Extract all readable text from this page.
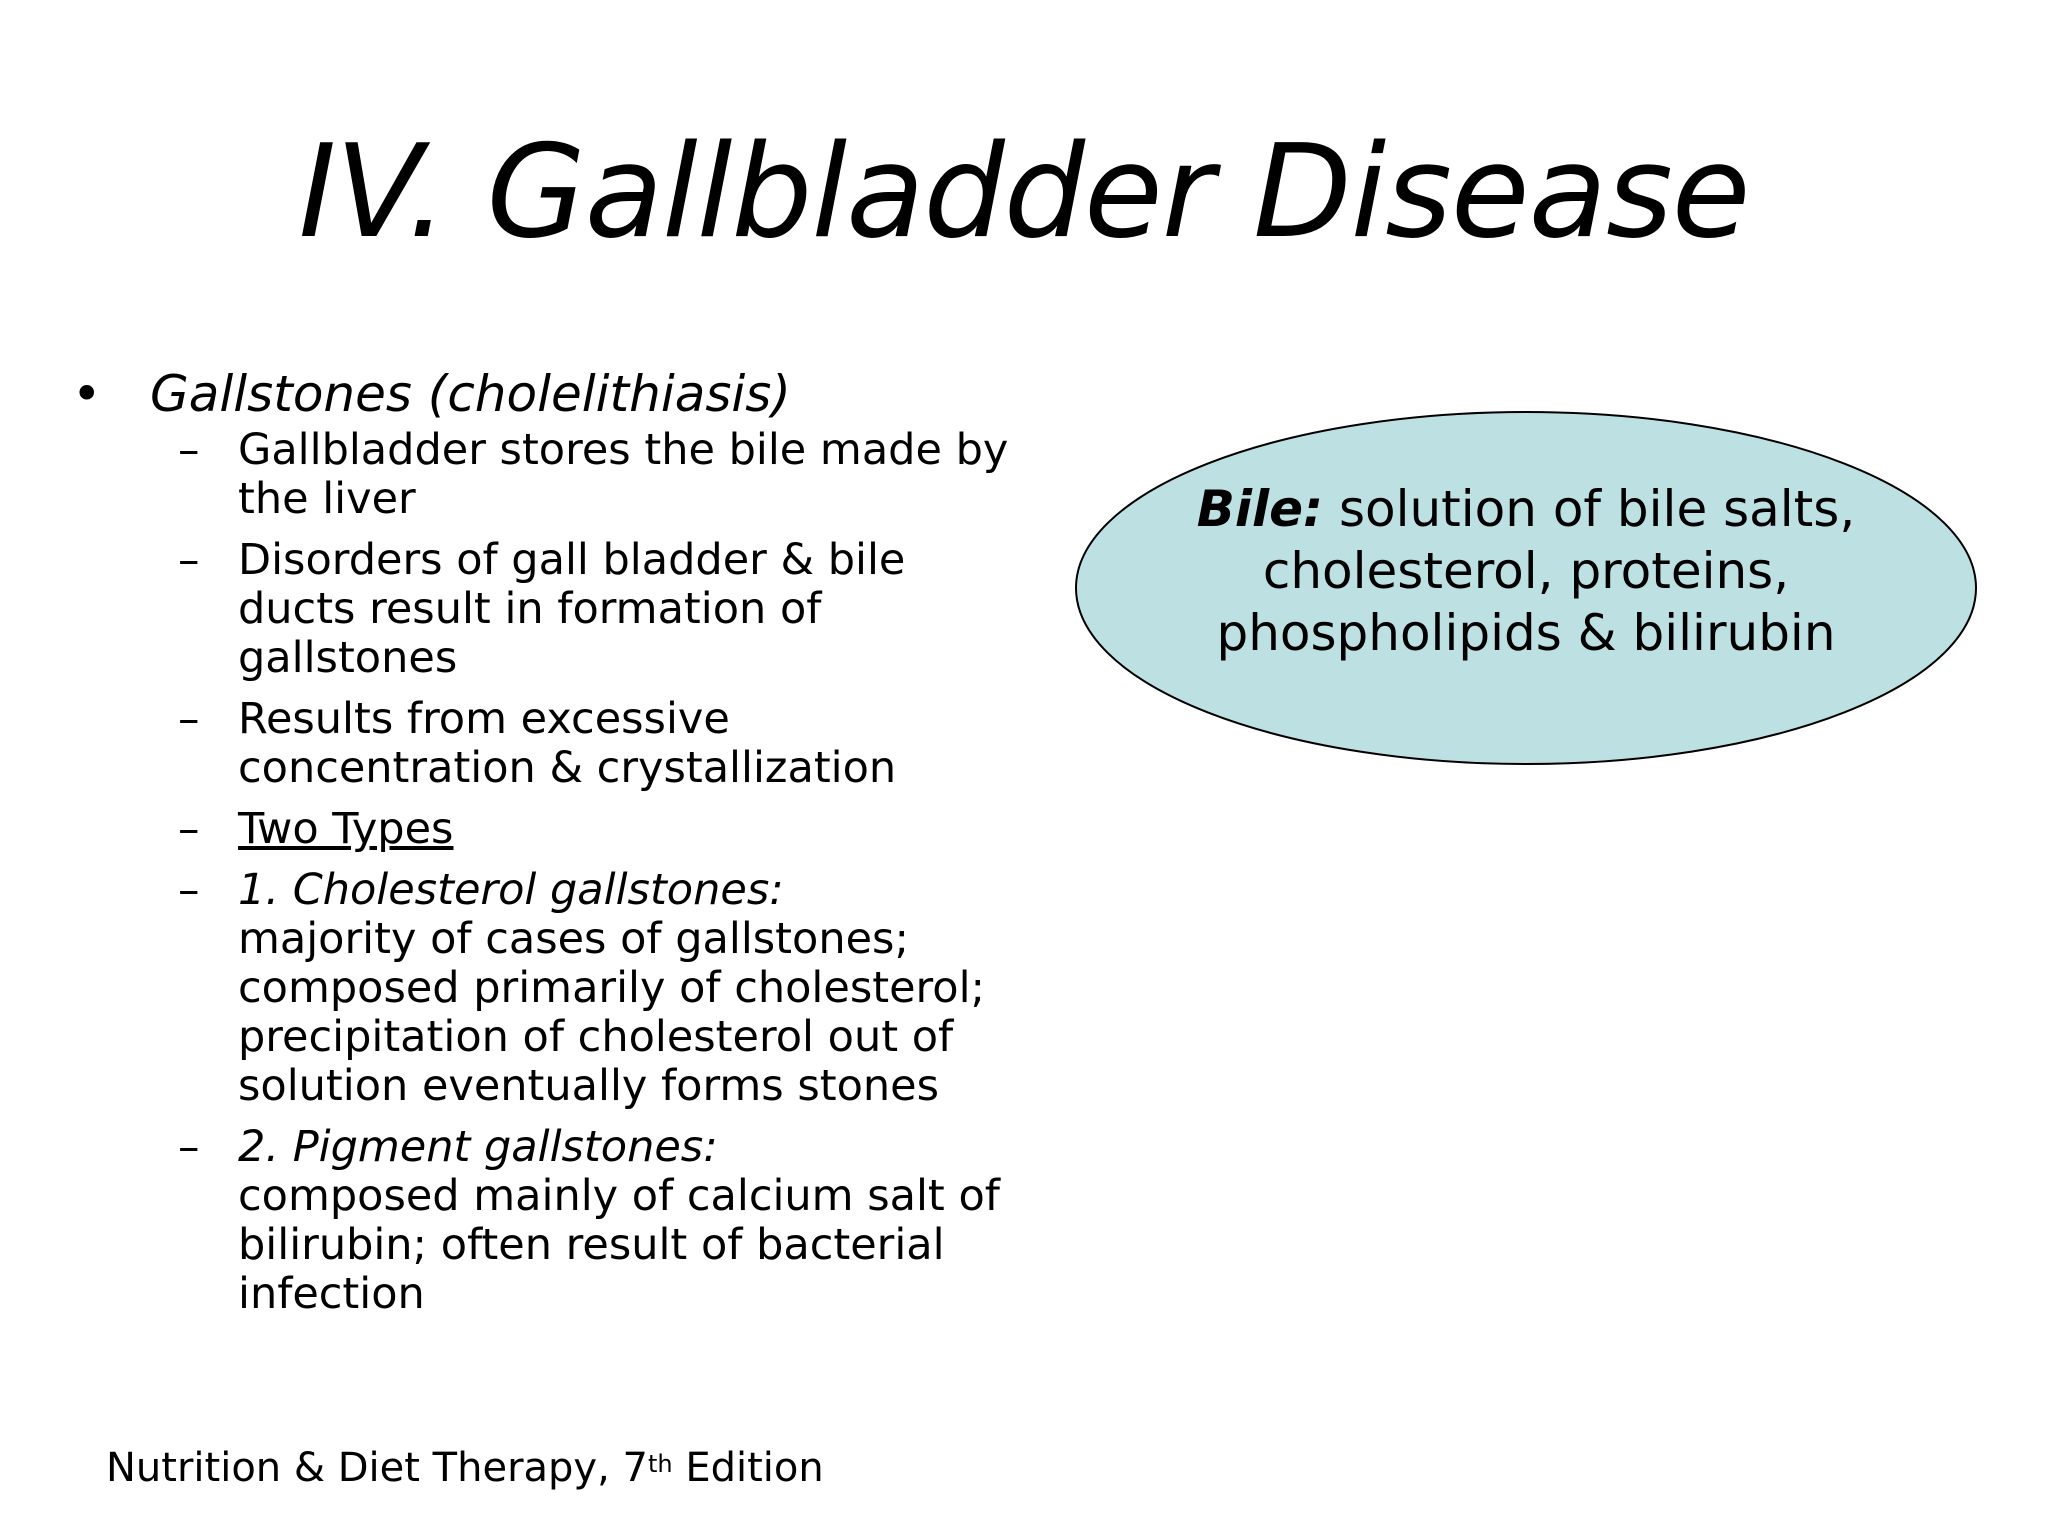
IV. Gallbladder Disease
• Gallstones (cholelithiasis)
– Gallbladder stores the bile made by the liver
– Disorders of gall bladder & bile ducts result in formation of gallstones
– Results from excessive concentration & crystallization
– Two Types
– 1. Cholesterol gallstones:
majority of cases of gallstones; composed primarily of cholesterol; precipitation of cholesterol out of solution eventually forms stones
– 2. Pigment gallstones:
composed mainly of calcium salt of bilirubin; often result of bacterial infection
Bile: solution of bile salts, cholesterol, proteins, phospholipids & bilirubin
Nutrition & Diet Therapy, 7th Edition
